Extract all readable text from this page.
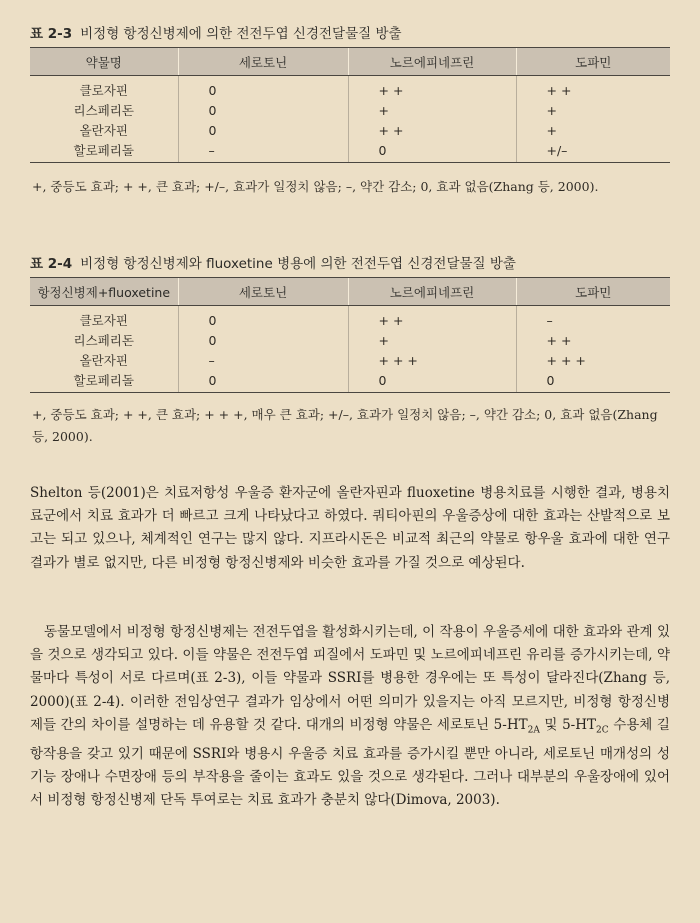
표 2-3 비정형 항정신병제에 의한 전전두엽 신경전달물질 방출
약물명	세로토닌	노르에피네프린	도파민
클로자핀	0	+ +	+ +
리스페리돈	0	+	+
올란자핀	0	+ +	+
할로페리돌	–	0	+/–
+, 중등도 효과; + +, 큰 효과; +/–, 효과가 일정치 않음; –, 약간 감소; 0, 효과 없음(Zhang 등, 2000).
표 2-4 비정형 항정신병제와 fluoxetine 병용에 의한 전전두엽 신경전달물질 방출
항정신병제+fluoxetine	세로토닌	노르에피네프린	도파민
클로자핀	0	+ +	–
리스페리돈	0	+	+ +
올란자핀	–	+ + +	+ + +
할로페리돌	0	0	0
+, 중등도 효과; + +, 큰 효과; + + +, 매우 큰 효과; +/–, 효과가 일정치 않음; –, 약간 감소; 0, 효과 없음(Zhang 등, 2000).

Shelton 등(2001)은 치료저항성 우울증 환자군에 올란자핀과 fluoxetine 병용치료를 시행한 결과, 병용치료군에서 치료 효과가 더 빠르고 크게 나타났다고 하였다. 쿼티아핀의 우울증상에 대한 효과는 산발적으로 보고는 되고 있으나, 체계적인 연구는 많지 않다. 지프라시돈은 비교적 최근의 약물로 항우울 효과에 대한 연구 결과가 별로 없지만, 다른 비정형 항정신병제와 비슷한 효과를 가질 것으로 예상된다.

동물모델에서 비정형 항정신병제는 전전두엽을 활성화시키는데, 이 작용이 우울증세에 대한 효과와 관계 있을 것으로 생각되고 있다. 이들 약물은 전전두엽 피질에서 도파민 및 노르에피네프린 유리를 증가시키는데, 약물마다 특성이 서로 다르며(표 2-3), 이들 약물과 SSRI를 병용한 경우에는 또 특성이 달라진다(Zhang 등, 2000)(표 2-4). 이러한 전임상연구 결과가 임상에서 어떤 의미가 있을지는 아직 모르지만, 비정형 항정신병제들 간의 차이를 설명하는 데 유용할 것 같다. 대개의 비정형 약물은 세로토닌 $5-HT_{2A}$ 및 $5-HT_{2C}$ 수용체 길항작용을 갖고 있기 때문에 SSRI와 병용시 우울증 치료 효과를 증가시킬 뿐만 아니라, 세로토닌 매개성의 성기능 장애나 수면장애 등의 부작용을 줄이는 효과도 있을 것으로 생각된다. 그러나 대부분의 우울장애에 있어서 비정형 항정신병제 단독 투여로는 치료 효과가 충분치 않다(Dimova, 2003).
